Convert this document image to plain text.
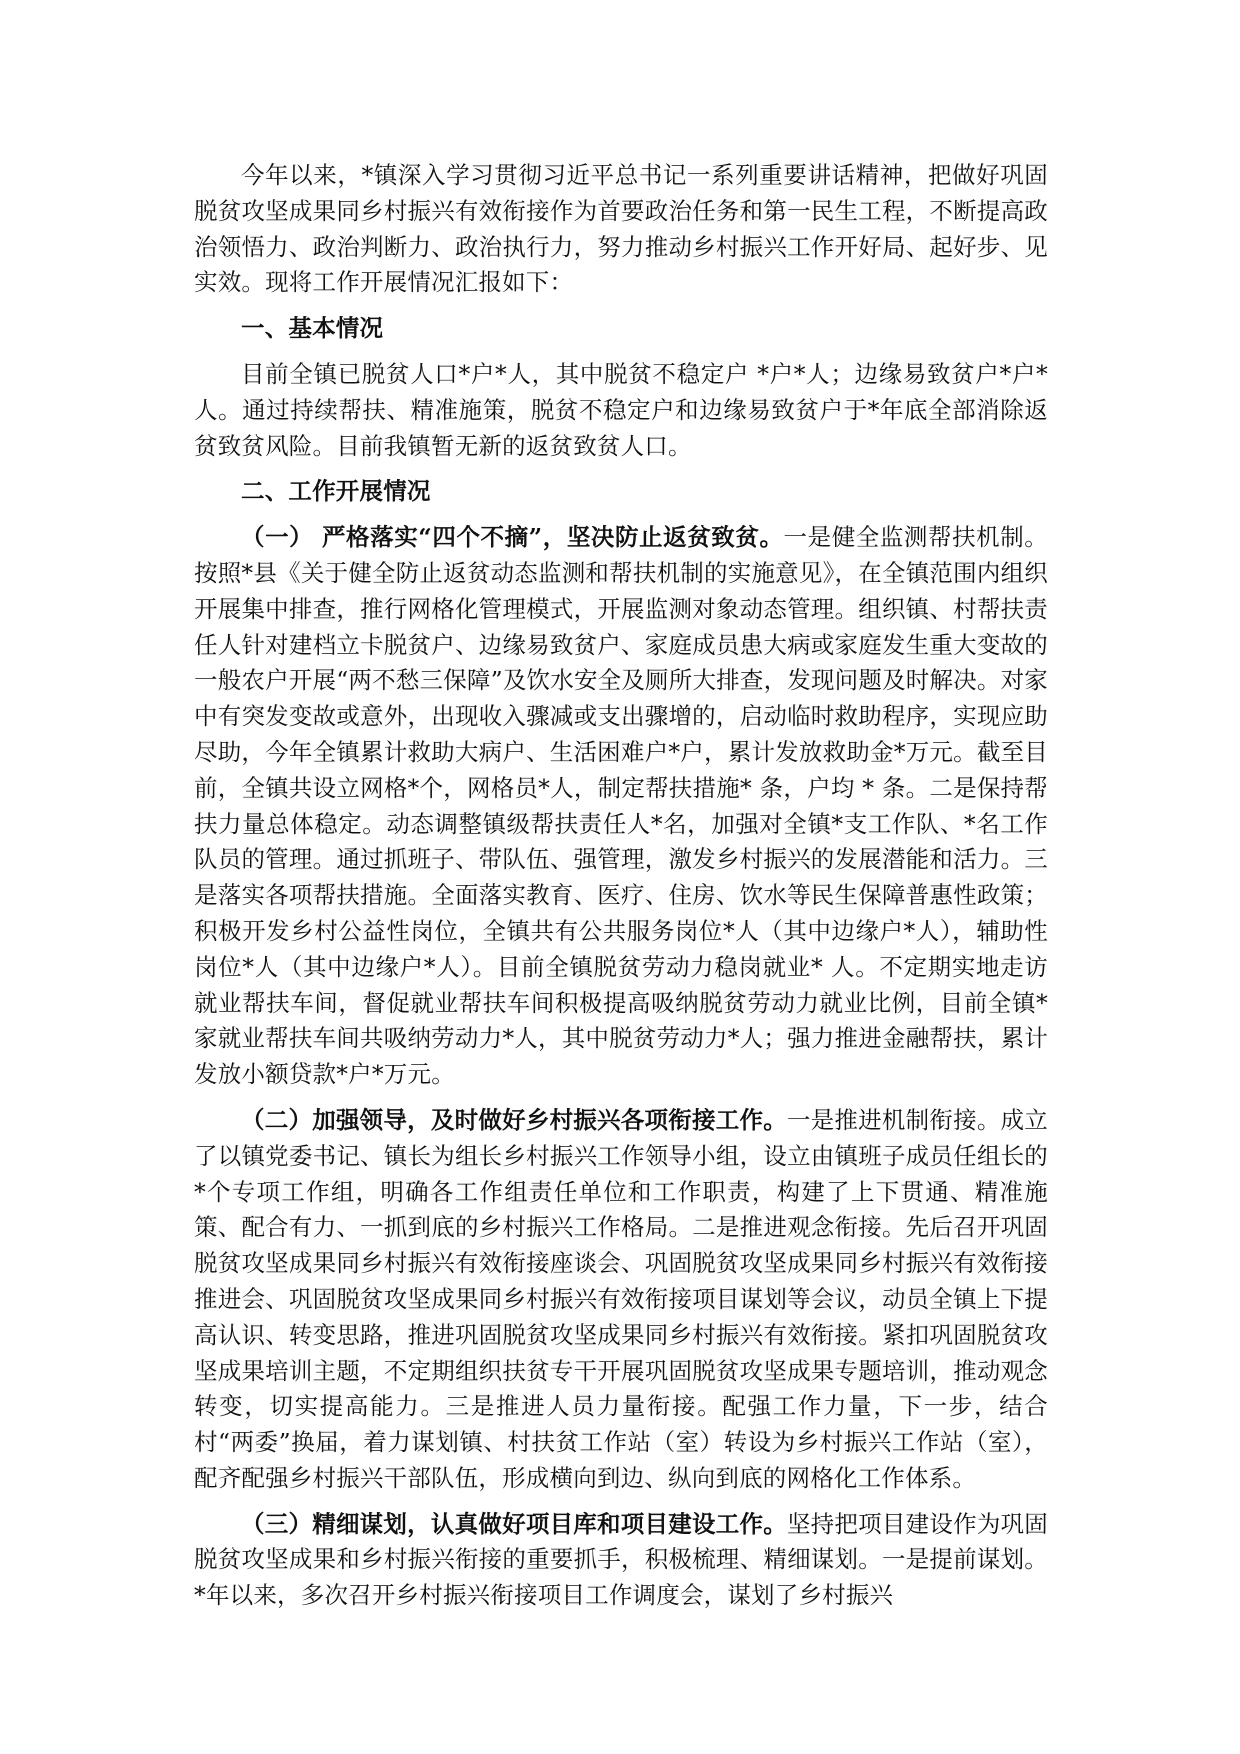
今年以来，*镇深入学习贯彻习近平总书记一系列重要讲话精神，把做好巩固脱贫攻坚成果同乡村振兴有效衔接作为首要政治任务和第一民生工程，不断提高政治领悟力、政治判断力、政治执行力，努力推动乡村振兴工作开好局、起好步、见实效。现将工作开展情况汇报如下：

一、基本情况

目前全镇已脱贫人口*户*人，其中脱贫不稳定户 *户*人；边缘易致贫户*户*人。通过持续帮扶、精准施策，脱贫不稳定户和边缘易致贫户于*年底全部消除返贫致贫风险。目前我镇暂无新的返贫致贫人口。

二、工作开展情况

（一） 严格落实“四个不摘”，坚决防止返贫致贫。一是健全监测帮扶机制。按照*县《关于健全防止返贫动态监测和帮扶机制的实施意见》，在全镇范围内组织开展集中排查，推行网格化管理模式，开展监测对象动态管理。组织镇、村帮扶责任人针对建档立卡脱贫户、边缘易致贫户、家庭成员患大病或家庭发生重大变故的一般农户开展“两不愁三保障”及饮水安全及厕所大排查，发现问题及时解决。对家中有突发变故或意外，出现收入骤减或支出骤增的，启动临时救助程序，实现应助尽助，今年全镇累计救助大病户、生活困难户*户，累计发放救助金*万元。截至目前，全镇共设立网格*个，网格员*人，制定帮扶措施* 条，户均 * 条。二是保持帮扶力量总体稳定。动态调整镇级帮扶责任人*名，加强对全镇*支工作队、*名工作队员的管理。通过抓班子、带队伍、强管理，激发乡村振兴的发展潜能和活力。三是落实各项帮扶措施。全面落实教育、医疗、住房、饮水等民生保障普惠性政策；积极开发乡村公益性岗位，全镇共有公共服务岗位*人（其中边缘户*人），辅助性岗位*人（其中边缘户*人）。目前全镇脱贫劳动力稳岗就业* 人。不定期实地走访就业帮扶车间，督促就业帮扶车间积极提高吸纳脱贫劳动力就业比例，目前全镇*家就业帮扶车间共吸纳劳动力*人，其中脱贫劳动力*人；强力推进金融帮扶，累计发放小额贷款*户*万元。

（二）加强领导，及时做好乡村振兴各项衔接工作。一是推进机制衔接。成立了以镇党委书记、镇长为组长乡村振兴工作领导小组，设立由镇班子成员任组长的*个专项工作组，明确各工作组责任单位和工作职责，构建了上下贯通、精准施策、配合有力、一抓到底的乡村振兴工作格局。二是推进观念衔接。先后召开巩固脱贫攻坚成果同乡村振兴有效衔接座谈会、巩固脱贫攻坚成果同乡村振兴有效衔接推进会、巩固脱贫攻坚成果同乡村振兴有效衔接项目谋划等会议，动员全镇上下提高认识、转变思路，推进巩固脱贫攻坚成果同乡村振兴有效衔接。紧扣巩固脱贫攻坚成果培训主题，不定期组织扶贫专干开展巩固脱贫攻坚成果专题培训，推动观念转变，切实提高能力。三是推进人员力量衔接。配强工作力量，下一步，结合村“两委”换届，着力谋划镇、村扶贫工作站（室）转设为乡村振兴工作站（室），配齐配强乡村振兴干部队伍，形成横向到边、纵向到底的网格化工作体系。

（三）精细谋划，认真做好项目库和项目建设工作。坚持把项目建设作为巩固脱贫攻坚成果和乡村振兴衔接的重要抓手，积极梳理、精细谋划。一是提前谋划。 *年以来，多次召开乡村振兴衔接项目工作调度会，谋划了乡村振兴
